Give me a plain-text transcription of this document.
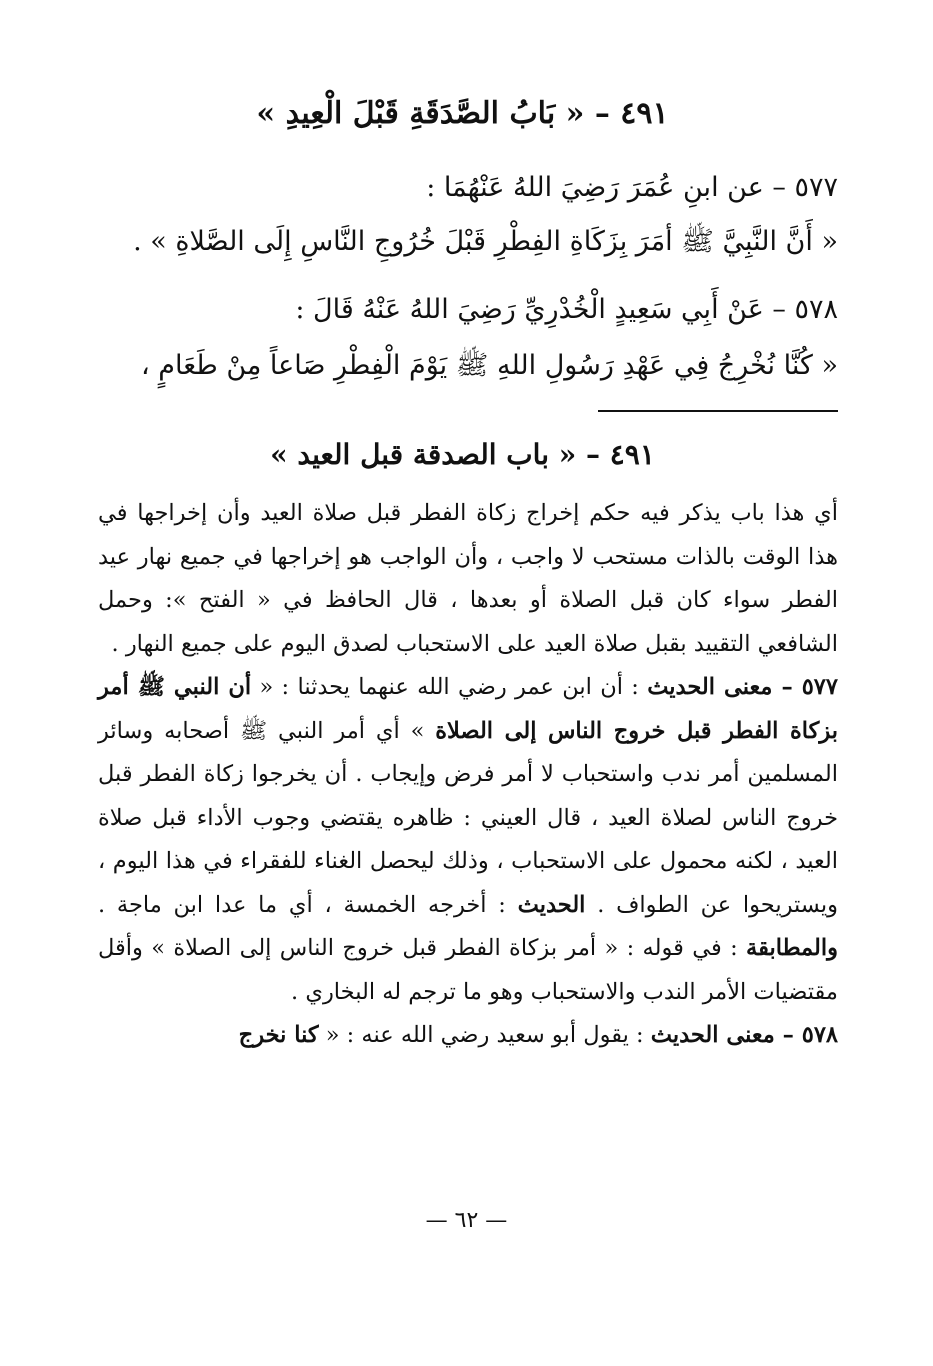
٤٩١ – « بَابُ الصَّدَقَةِ قَبْلَ الْعِيدِ »
٥٧٧ – عن ابنِ عُمَرَ رَضِيَ اللهُ عَنْهُمَا :
« أَنَّ النَّبِيَّ ﷺ أمَرَ بِزَكَاةِ الفِطْرِ قَبْلَ خُرُوجِ النَّاسِ إِلَى الصَّلاةِ » .
٥٧٨ – عَنْ أَبِي سَعِيدٍ الْخُدْرِيِّ رَضِيَ اللهُ عَنْهُ قَالَ :
« كُنَّا نُخْرِجُ فِي عَهْدِ رَسُولِ اللهِ ﷺ يَوْمَ الْفِطْرِ صَاعاً مِنْ طَعَامٍ ،
٤٩١ – « باب الصدقة قبل العيد »

أي هذا باب يذكر فيه حكم إخراج زكاة الفطر قبل صلاة العيد وأن إخراجها في هذا الوقت بالذات مستحب لا واجب ، وأن الواجب هو إخراجها في جميع نهار عيد الفطر سواء كان قبل الصلاة أو بعدها ، قال الحافظ في « الفتح »: وحمل الشافعي التقييد بقبل صلاة العيد على الاستحباب لصدق اليوم على جميع النهار .

٥٧٧ – معنى الحديث : أن ابن عمر رضي الله عنهما يحدثنا : « أن النبي ﷺ أمر بزكاة الفطر قبل خروج الناس إلى الصلاة » أي أمر النبي ﷺ أصحابه وسائر المسلمين أمر ندب واستحباب لا أمر فرض وإيجاب . أن يخرجوا زكاة الفطر قبل خروج الناس لصلاة العيد ، قال العيني : ظاهره يقتضي وجوب الأداء قبل صلاة العيد ، لكنه محمول على الاستحباب ، وذلك ليحصل الغناء للفقراء في هذا اليوم ، ويستريحوا عن الطواف . الحديث : أخرجه الخمسة ، أي ما عدا ابن ماجة . والمطابقة : في قوله : « أمر بزكاة الفطر قبل خروج الناس إلى الصلاة » وأقل مقتضيات الأمر الندب والاستحباب وهو ما ترجم له البخاري .

٥٧٨ – معنى الحديث : يقول أبو سعيد رضي الله عنه : « كنا نخرج

— ٦٢ —
